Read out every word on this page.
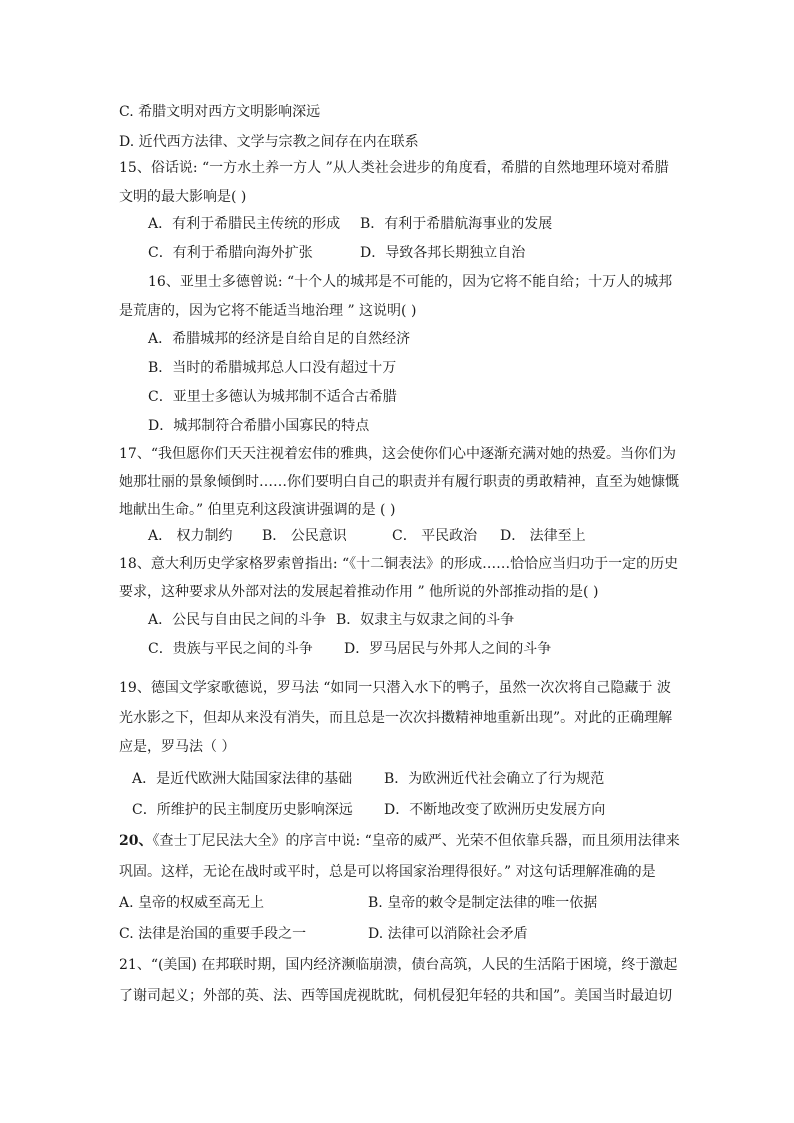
C. 希腊文明对西方文明影响深远
D. 近代西方法律、文学与宗教之间存在内在联系
15、俗话说: “一方水土养一方人 ”从人类社会进步的角度看，希腊的自然地理环境对希腊
文明的最大影响是( )
A．有利于希腊民主传统的形成 B．有利于希腊航海事业的发展
C．有利于希腊向海外扩张	D．导致各邦长期独立自治
16、亚里士多德曾说: “十个人的城邦是不可能的，因为它将不能自给；十万人的城邦
是荒唐的，因为它将不能适当地治理 ” 这说明( )
A．希腊城邦的经济是自给自足的自然经济
B．当时的希腊城邦总人口没有超过十万
C．亚里士多德认为城邦制不适合古希腊
D．城邦制符合希腊小国寡民的特点
17、“我但愿你们天天注视着宏伟的雅典，这会使你们心中逐渐充满对她的热爱。当你们为
她那壮丽的景象倾倒时……你们要明白自己的职责并有履行职责的勇敢精神，直至为她慷慨
地献出生命。” 伯里克利这段演讲强调的是 ( )
A． 权力制约 B． 公民意识	C． 平民政治 D． 法律至上
18、意大利历史学家格罗索曾指出: “《十二铜表法》的形成……恰恰应当归功于一定的历史
要求，这种要求从外部对法的发展起着推动作用 ” 他所说的外部推动指的是( )
A．公民与自由民之间的斗争 B．奴隶主与奴隶之间的斗争
C．贵族与平民之间的斗争 D．罗马居民与外邦人之间的斗争
19、德国文学家歌德说，罗马法 “如同一只潜入水下的鸭子，虽然一次次将自己隐藏于 波
光水影之下，但却从来没有消失，而且总是一次次抖擞精神地重新出现”。对此的正确理解
应是，罗马法（ ）
A．是近代欧洲大陆国家法律的基础 B．为欧洲近代社会确立了行为规范
C．所维护的民主制度历史影响深远 D．不断地改变了欧洲历史发展方向
20、《查士丁尼民法大全》的序言中说: “皇帝的威严、光荣不但依靠兵器，而且须用法律来
巩固。这样，无论在战时或平时，总是可以将国家治理得很好。” 对这句话理解准确的是
A. 皇帝的权威至高无上	B. 皇帝的敕令是制定法律的唯一依据
C. 法律是治国的重要手段之一	D. 法律可以消除社会矛盾
21、“(美国) 在邦联时期，国内经济濒临崩溃，债台高筑，人民的生活陷于困境，终于激起
了谢司起义；外部的英、法、西等国虎视眈眈，伺机侵犯年轻的共和国”。美国当时最迫切
